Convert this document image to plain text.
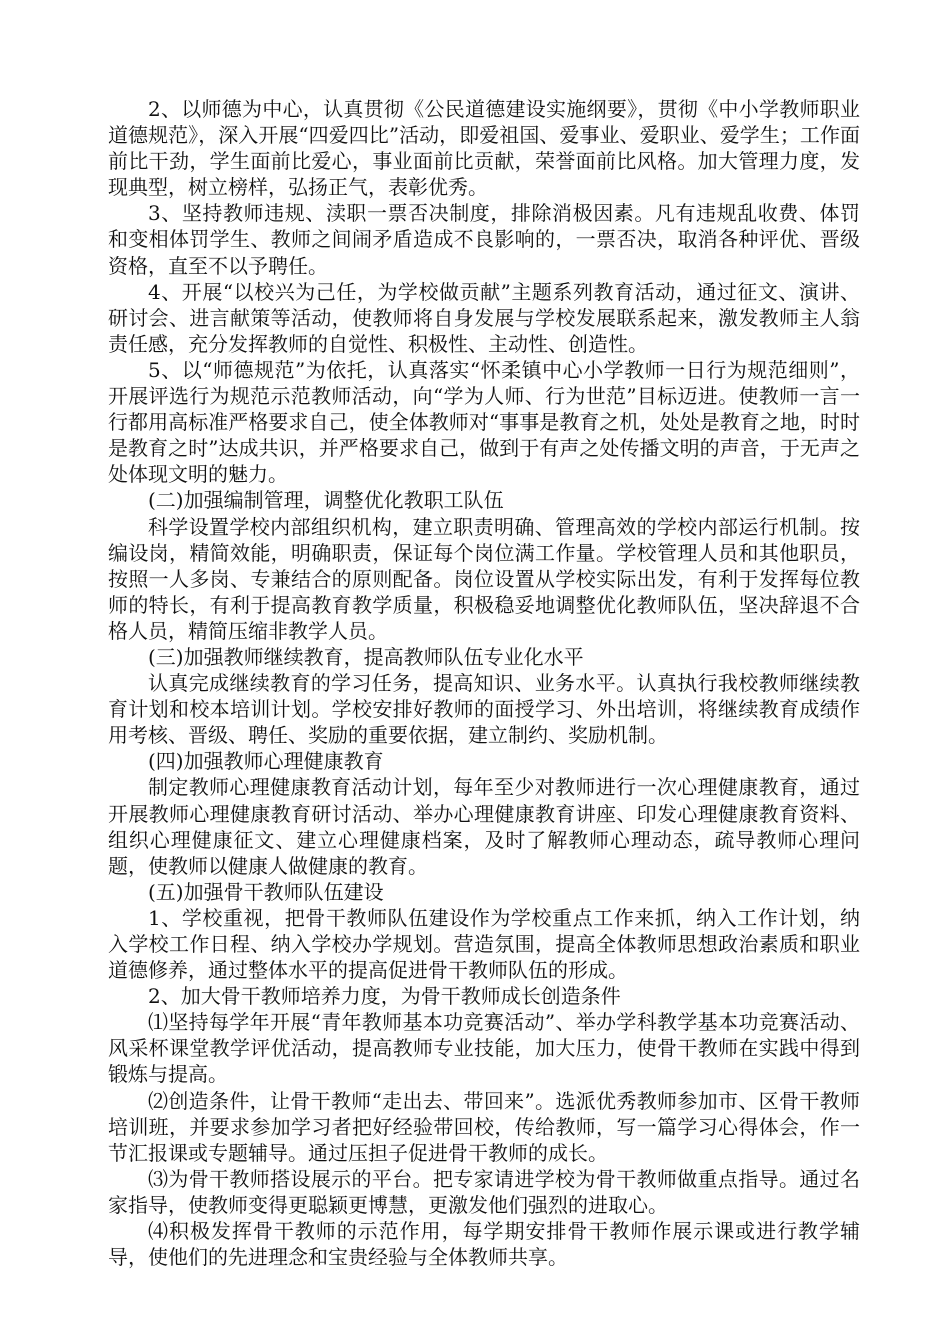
2、以师德为中心，认真贯彻《公民道德建设实施纲要》，贯彻《中小学教师职业道德规范》，深入开展“四爱四比”活动，即爱祖国、爱事业、爱职业、爱学生；工作面前比干劲，学生面前比爱心，事业面前比贡献，荣誉面前比风格。加大管理力度，发现典型，树立榜样，弘扬正气，表彰优秀。

3、坚持教师违规、渎职一票否决制度，排除消极因素。凡有违规乱收费、体罚和变相体罚学生、教师之间闹矛盾造成不良影响的，一票否决，取消各种评优、晋级资格，直至不以予聘任。

4、开展“以校兴为己任，为学校做贡献”主题系列教育活动，通过征文、演讲、研讨会、进言献策等活动，使教师将自身发展与学校发展联系起来，激发教师主人翁责任感，充分发挥教师的自觉性、积极性、主动性、创造性。

5、以“师德规范”为依托，认真落实“怀柔镇中心小学教师一日行为规范细则”，开展评选行为规范示范教师活动，向“学为人师、行为世范”目标迈进。使教师一言一行都用高标准严格要求自己，使全体教师对“事事是教育之机，处处是教育之地，时时是教育之时”达成共识，并严格要求自己，做到于有声之处传播文明的声音，于无声之处体现文明的魅力。

(二)加强编制管理，调整优化教职工队伍

科学设置学校内部组织机构，建立职责明确、管理高效的学校内部运行机制。按编设岗，精简效能，明确职责，保证每个岗位满工作量。学校管理人员和其他职员，按照一人多岗、专兼结合的原则配备。岗位设置从学校实际出发，有利于发挥每位教师的特长，有利于提高教育教学质量，积极稳妥地调整优化教师队伍，坚决辞退不合格人员，精简压缩非教学人员。

(三)加强教师继续教育，提高教师队伍专业化水平

认真完成继续教育的学习任务，提高知识、业务水平。认真执行我校教师继续教育计划和校本培训计划。学校安排好教师的面授学习、外出培训，将继续教育成绩作用考核、晋级、聘任、奖励的重要依据，建立制约、奖励机制。

(四)加强教师心理健康教育

制定教师心理健康教育活动计划，每年至少对教师进行一次心理健康教育，通过开展教师心理健康教育研讨活动、举办心理健康教育讲座、印发心理健康教育资料、组织心理健康征文、建立心理健康档案，及时了解教师心理动态，疏导教师心理问题，使教师以健康人做健康的教育。

(五)加强骨干教师队伍建设

1、学校重视，把骨干教师队伍建设作为学校重点工作来抓，纳入工作计划，纳入学校工作日程、纳入学校办学规划。营造氛围，提高全体教师思想政治素质和职业道德修养，通过整体水平的提高促进骨干教师队伍的形成。

2、加大骨干教师培养力度，为骨干教师成长创造条件

⑴坚持每学年开展“青年教师基本功竞赛活动”、举办学科教学基本功竞赛活动、风采杯课堂教学评优活动，提高教师专业技能，加大压力，使骨干教师在实践中得到锻炼与提高。

⑵创造条件，让骨干教师“走出去、带回来”。选派优秀教师参加市、区骨干教师培训班，并要求参加学习者把好经验带回校，传给教师，写一篇学习心得体会，作一节汇报课或专题辅导。通过压担子促进骨干教师的成长。

⑶为骨干教师搭设展示的平台。把专家请进学校为骨干教师做重点指导。通过名家指导，使教师变得更聪颖更博慧，更激发他们强烈的进取心。

⑷积极发挥骨干教师的示范作用，每学期安排骨干教师作展示课或进行教学辅导，使他们的先进理念和宝贵经验与全体教师共享。
